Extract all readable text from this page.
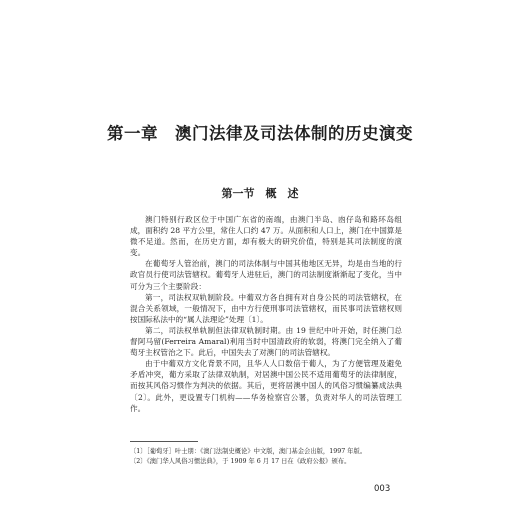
第一章　澳门法律及司法体制的历史演变
第一节　概　述

澳门特别行政区位于中国广东省的南端，由澳门半岛、凼仔岛和路环岛组成，面积约 28 平方公里，常住人口约 47 万。从面积和人口上，澳门在中国算是微不足道。然而，在历史方面，却有极大的研究价值，特别是其司法制度的演变。

在葡萄牙人管治前，澳门的司法体制与中国其他地区无异，均是由当地的行政官员行使司法管辖权。葡萄牙人进驻后，澳门的司法制度渐渐起了变化，当中可分为三个主要阶段：

第一，司法权双轨制阶段。中葡双方各自拥有对自身公民的司法管辖权，在混合关系领域，一般情况下，由中方行使刑事司法管辖权，而民事司法管辖权则按国际私法中的“属人法理论”处理〔1〕。

第二，司法权单轨制但法律双轨制时期。由 19 世纪中叶开始，时任澳门总督阿马留(Ferreira Amaral)利用当时中国清政府的软弱，将澳门完全纳入了葡萄牙主权管治之下。此后，中国失去了对澳门的司法管辖权。

由于中葡双方文化背景不同，且华人人口数倍于葡人，为了方便管理及避免矛盾冲突，葡方采取了法律双轨制，对居澳中国公民不适用葡萄牙的法律制度，而按其风俗习惯作为判决的依据。其后，更将居澳中国人的风俗习惯编纂成法典〔2〕。此外，更设置专门机构——华务检察官公署，负责对华人的司法管理工作。

〔1〕［葡萄牙］叶士朋：《澳门法制史概论》中文版，澳门基金会出版，1997 年版。
〔2〕《澳门华人风俗习惯法典》，于 1909 年 6 月 17 日在《政府公报》颁布。
003
